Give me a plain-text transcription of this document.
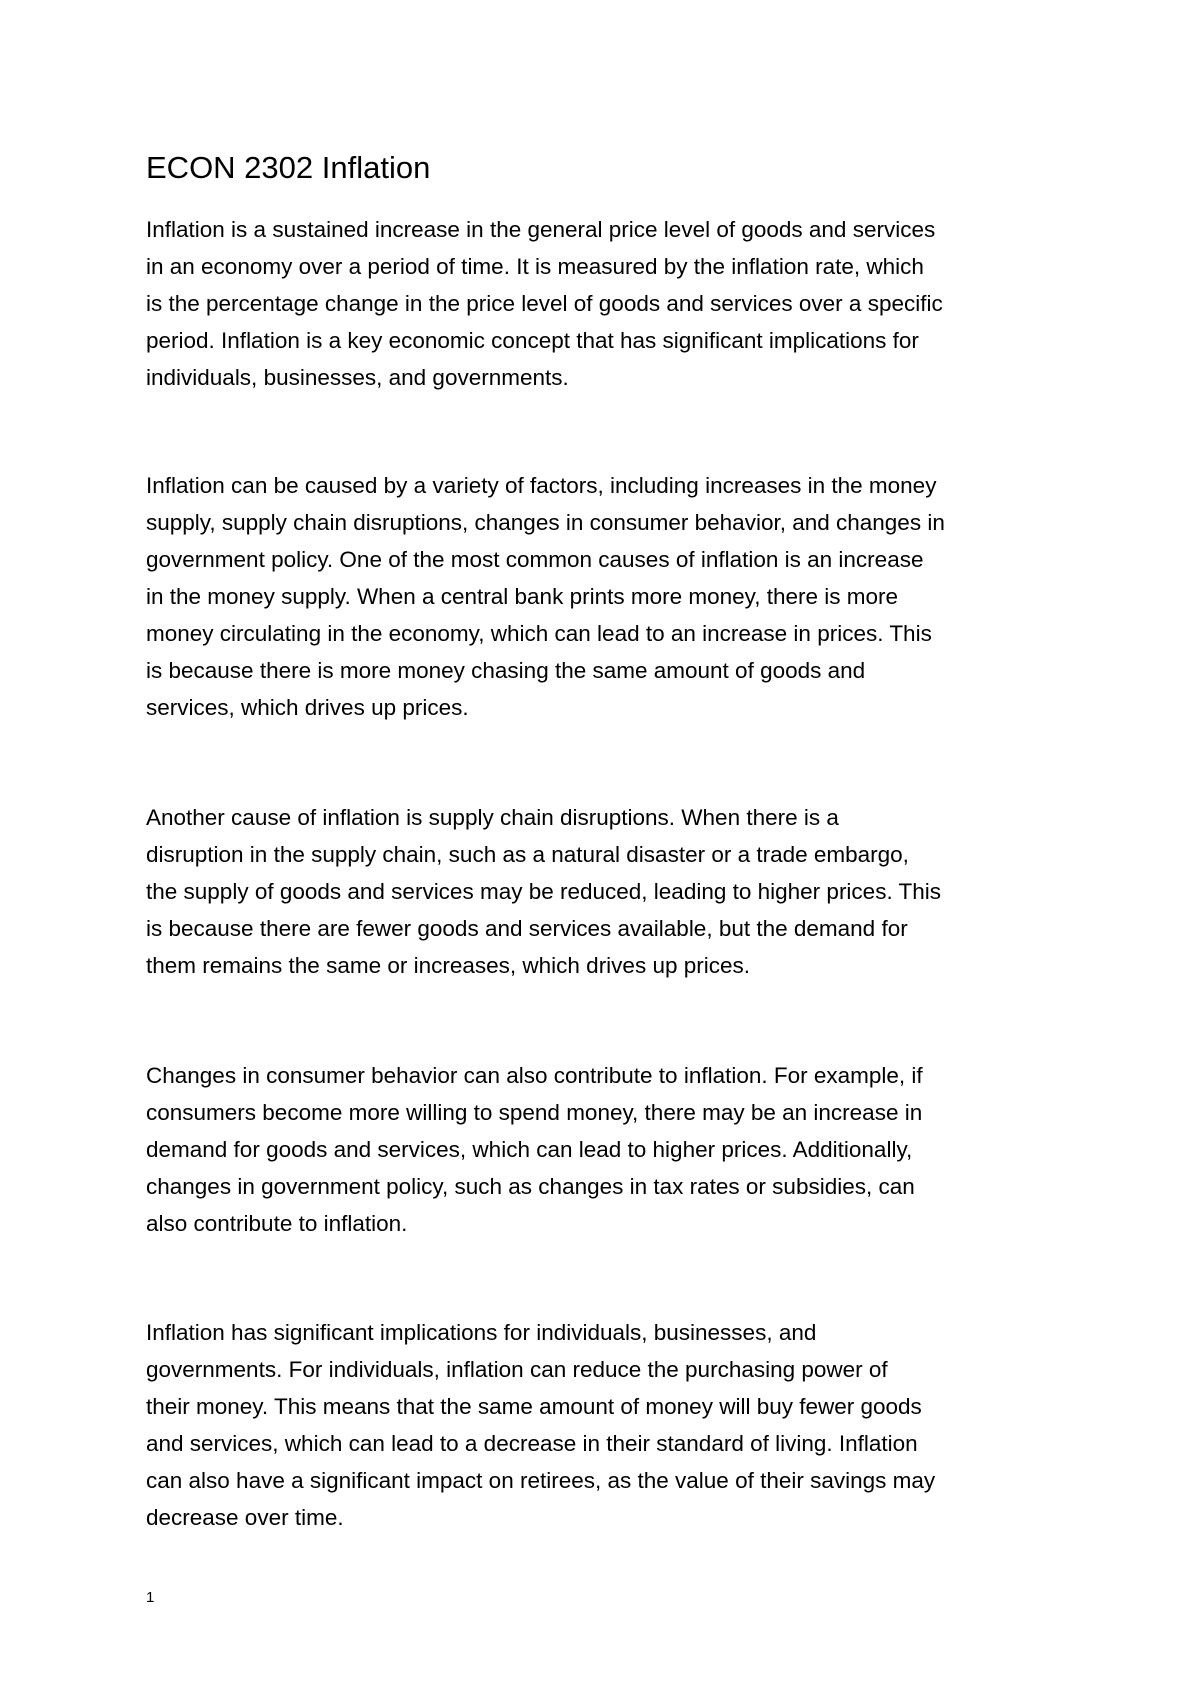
ECON 2302 Inflation

Inflation is a sustained increase in the general price level of goods and services
in an economy over a period of time. It is measured by the inflation rate, which
is the percentage change in the price level of goods and services over a specific
period. Inflation is a key economic concept that has significant implications for
individuals, businesses, and governments.

Inflation can be caused by a variety of factors, including increases in the money
supply, supply chain disruptions, changes in consumer behavior, and changes in
government policy. One of the most common causes of inflation is an increase
in the money supply. When a central bank prints more money, there is more
money circulating in the economy, which can lead to an increase in prices. This
is because there is more money chasing the same amount of goods and
services, which drives up prices.

Another cause of inflation is supply chain disruptions. When there is a
disruption in the supply chain, such as a natural disaster or a trade embargo,
the supply of goods and services may be reduced, leading to higher prices. This
is because there are fewer goods and services available, but the demand for
them remains the same or increases, which drives up prices.

Changes in consumer behavior can also contribute to inflation. For example, if
consumers become more willing to spend money, there may be an increase in
demand for goods and services, which can lead to higher prices. Additionally,
changes in government policy, such as changes in tax rates or subsidies, can
also contribute to inflation.

Inflation has significant implications for individuals, businesses, and
governments. For individuals, inflation can reduce the purchasing power of
their money. This means that the same amount of money will buy fewer goods
and services, which can lead to a decrease in their standard of living. Inflation
can also have a significant impact on retirees, as the value of their savings may
decrease over time.

1
